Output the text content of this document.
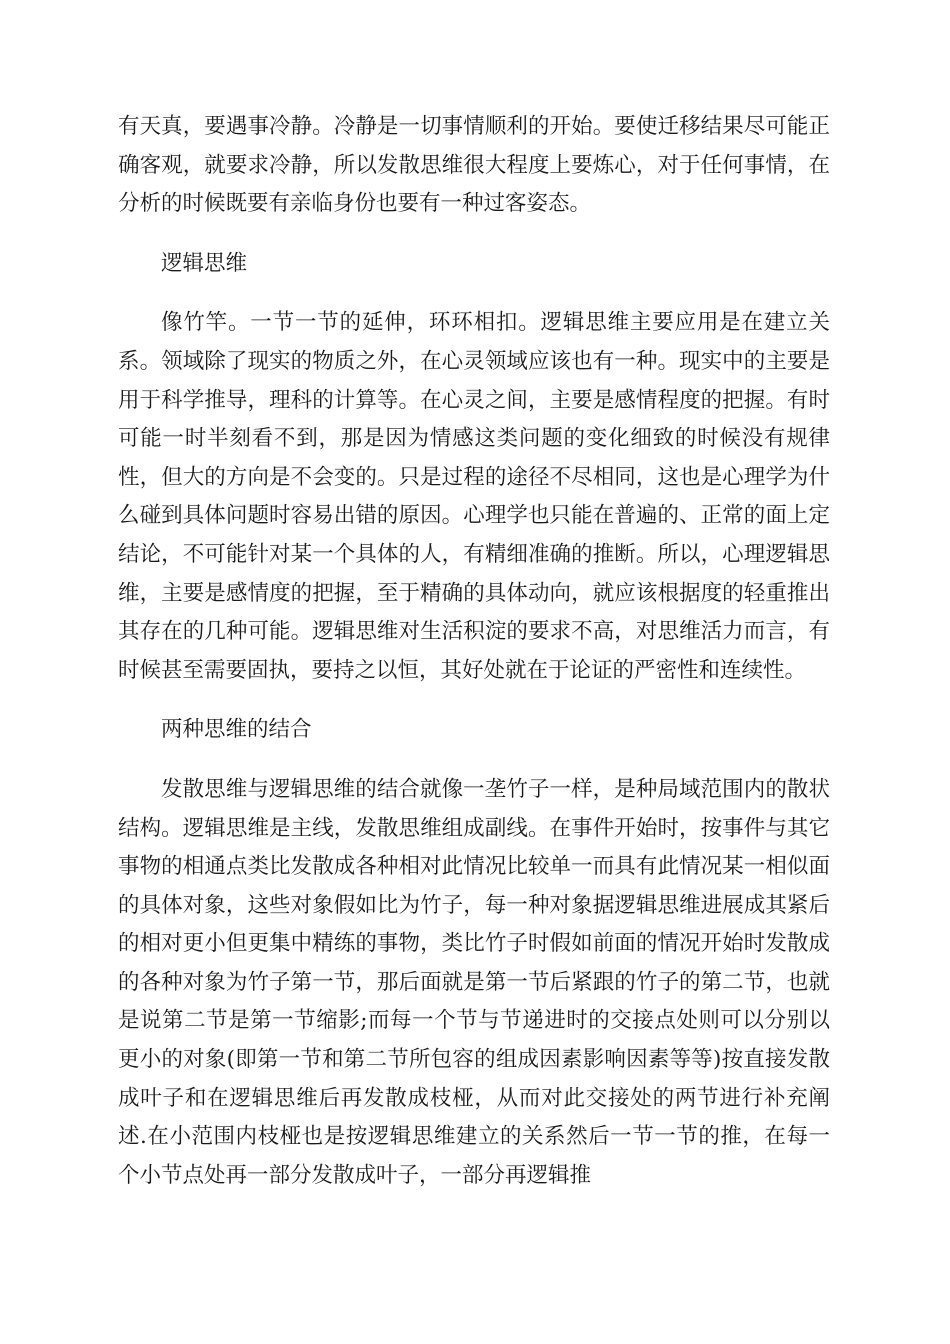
有天真，要遇事冷静。冷静是一切事情顺利的开始。要使迁移结果尽可能正确客观，就要求冷静，所以发散思维很大程度上要炼心，对于任何事情，在分析的时候既要有亲临身份也要有一种过客姿态。

逻辑思维

像竹竿。一节一节的延伸，环环相扣。逻辑思维主要应用是在建立关系。领域除了现实的物质之外，在心灵领域应该也有一种。现实中的主要是用于科学推导，理科的计算等。在心灵之间，主要是感情程度的把握。有时可能一时半刻看不到，那是因为情感这类问题的变化细致的时候没有规律性，但大的方向是不会变的。只是过程的途径不尽相同，这也是心理学为什么碰到具体问题时容易出错的原因。心理学也只能在普遍的、正常的面上定结论，不可能针对某一个具体的人，有精细准确的推断。所以，心理逻辑思维，主要是感情度的把握，至于精确的具体动向，就应该根据度的轻重推出其存在的几种可能。逻辑思维对生活积淀的要求不高，对思维活力而言，有时候甚至需要固执，要持之以恒，其好处就在于论证的严密性和连续性。

两种思维的结合

发散思维与逻辑思维的结合就像一垄竹子一样，是种局域范围内的散状结构。逻辑思维是主线，发散思维组成副线。在事件开始时，按事件与其它事物的相通点类比发散成各种相对此情况比较单一而具有此情况某一相似面的具体对象，这些对象假如比为竹子，每一种对象据逻辑思维进展成其紧后的相对更小但更集中精练的事物，类比竹子时假如前面的情况开始时发散成的各种对象为竹子第一节，那后面就是第一节后紧跟的竹子的第二节，也就是说第二节是第一节缩影;而每一个节与节递进时的交接点处则可以分别以更小的对象(即第一节和第二节所包容的组成因素影响因素等等)按直接发散成叶子和在逻辑思维后再发散成枝桠，从而对此交接处的两节进行补充阐述.在小范围内枝桠也是按逻辑思维建立的关系然后一节一节的推，在每一个小节点处再一部分发散成叶子，一部分再逻辑推
